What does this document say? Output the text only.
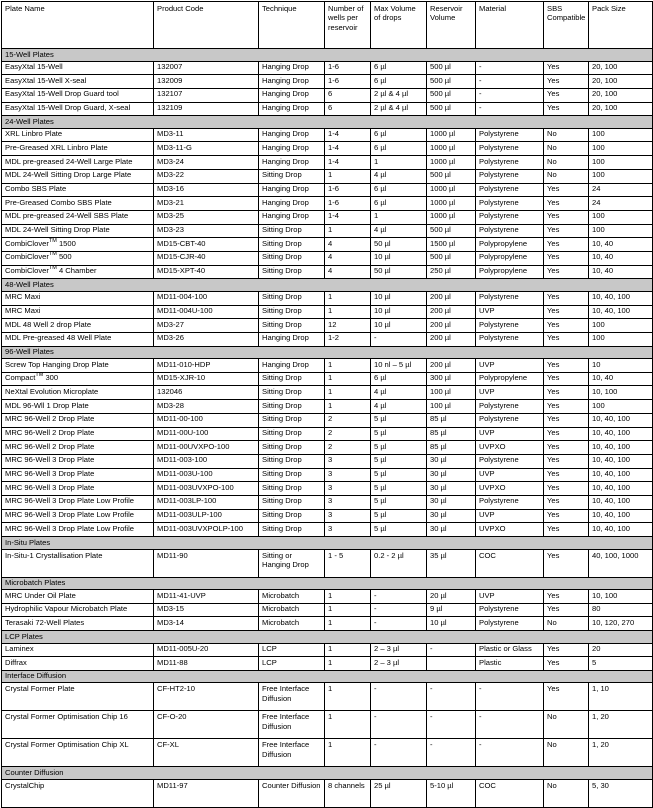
Plate Name	Product Code	Technique	Number of wells per reservoir	Max Volume of drops	Reservoir Volume	Material	SBS Compatible	Pack Size
15-Well Plates								
EasyXtal 15-Well	132007	Hanging Drop	1-6	6 µl	500 µl	-	Yes	20, 100
EasyXtal 15-Well X-seal	132009	Hanging Drop	1-6	6 µl	500 µl	-	Yes	20, 100
EasyXtal 15-Well Drop Guard tool	132107	Hanging Drop	6	2 µl & 4 µl	500 µl	-	Yes	20, 100
EasyXtal 15-Well Drop Guard, X-seal	132109	Hanging Drop	6	2 µl & 4 µl	500 µl	-	Yes	20, 100
24-Well Plates								
XRL Linbro Plate	MD3-11	Hanging Drop	1-4	6 µl	1000 µl	Polystyrene	No	100
Pre-Greased XRL Linbro Plate	MD3-11-G	Hanging Drop	1-4	6 µl	1000 µl	Polystyrene	No	100
MDL pre-greased 24-Well Large Plate	MD3-24	Hanging Drop	1-4	1	1000 µl	Polystyrene	No	100
MDL 24-Well Sitting Drop Large Plate	MD3-22	Sitting Drop	1	4 µl	500 µl	Polystyrene	No	100
Combo SBS Plate	MD3-16	Hanging Drop	1-6	6 µl	1000 µl	Polystyrene	Yes	24
Pre-Greased Combo SBS Plate	MD3-21	Hanging Drop	1-6	6 µl	1000 µl	Polystyrene	Yes	24
MDL pre-greased 24-Well SBS Plate	MD3-25	Hanging Drop	1-4	1	1000 µl	Polystyrene	Yes	100
MDL 24-Well Sitting Drop Plate	MD3-23	Sitting Drop	1	4 µl	500 µl	Polystyrene	Yes	100
CombiClover™ 1500	MD15-CBT-40	Sitting Drop	4	50 µl	1500 µl	Polypropylene	Yes	10, 40
CombiClover™ 500	MD15-CJR-40	Sitting Drop	4	10 µl	500 µl	Polypropylene	Yes	10, 40
CombiClover™ 4 Chamber	MD15-XPT-40	Sitting Drop	4	50 µl	250 µl	Polypropylene	Yes	10, 40
48-Well Plates								
MRC Maxi	MD11-004-100	Sitting Drop	1	10 µl	200 µl	Polystyrene	Yes	10, 40, 100
MRC Maxi	MD11-004U-100	Sitting Drop	1	10 µl	200 µl	UVP	Yes	10, 40, 100
MDL 48 Well 2 drop Plate	MD3-27	Sitting Drop	12	10 µl	200 µl	Polystyrene	Yes	100
MDL Pre-greased 48 Well Plate	MD3-26	Hanging Drop	1-2	-	200 µl	Polystyrene	Yes	100
96-Well Plates								
Screw Top Hanging Drop Plate	MD11-010-HDP	Hanging Drop	1	10 nl – 5 µl	200 µl	UVP	Yes	10
Compact™ 300	MD15-XJR-10	Sitting Drop	1	6 µl	300 µl	Polypropylene	Yes	10, 40
NeXtal Evolution Microplate	132046	Sitting Drop	1	4 µl	100 µl	UVP	Yes	10, 100
MDL 96-Wll 1 Drop Plate	MD3-28	Sitting Drop	1	4 µl	100 µl	Polystyrene	Yes	100
MRC 96-Well 2 Drop Plate	MD11-00-100	Sitting Drop	2	5 µl	85 µl	Polystyrene	Yes	10, 40, 100
MRC 96-Well 2 Drop Plate	MD11-00U-100	Sitting Drop	2	5 µl	85 µl	UVP	Yes	10, 40, 100
MRC 96-Well 2 Drop Plate	MD11-00UVXPO-100	Sitting Drop	2	5 µl	85 µl	UVPXO	Yes	10, 40, 100
MRC 96-Well 3 Drop Plate	MD11-003-100	Sitting Drop	3	5 µl	30 µl	Polystyrene	Yes	10, 40, 100
MRC 96-Well 3 Drop Plate	MD11-003U-100	Sitting Drop	3	5 µl	30 µl	UVP	Yes	10, 40, 100
MRC 96-Well 3 Drop Plate	MD11-003UVXPO-100	Sitting Drop	3	5 µl	30 µl	UVPXO	Yes	10, 40, 100
MRC 96-Well 3 Drop Plate Low Profile	MD11-003LP-100	Sitting Drop	3	5 µl	30 µl	Polystyrene	Yes	10, 40, 100
MRC 96-Well 3 Drop Plate Low Profile	MD11-003ULP-100	Sitting Drop	3	5 µl	30 µl	UVP	Yes	10, 40, 100
MRC 96-Well 3 Drop Plate Low Profile	MD11-003UVXPOLP-100	Sitting Drop	3	5 µl	30 µl	UVPXO	Yes	10, 40, 100
In-Situ Plates								
In-Situ-1 Crystallisation Plate	MD11-90	Sitting or Hanging Drop	1 - 5	0.2 - 2 µl	35 µl	COC	Yes	40, 100, 1000
Microbatch Plates								
MRC Under Oil Plate	MD11-41-UVP	Microbatch	1	-	20 µl	UVP	Yes	10, 100
Hydrophilic Vapour Microbatch Plate	MD3-15	Microbatch	1	-	9 µl	Polystyrene	Yes	80
Terasaki 72-Well Plates	MD3-14	Microbatch	1	-	10 µl	Polystyrene	No	10, 120, 270
LCP Plates								
Laminex	MD11-005U-20	LCP	1	2 – 3 µl	-	Plastic or Glass	Yes	20
Diffrax	MD11-88	LCP	1	2 – 3 µl		Plastic	Yes	5
Interface Diffusion								
Crystal Former Plate	CF-HT2-10	Free Interface Diffusion	1	-	-	-	Yes	1, 10
Crystal Former Optimisation Chip 16	CF-O-20	Free Interface Diffusion	1	-	-	-	No	1, 20
Crystal Former Optimisation Chip XL	CF-XL	Free Interface Diffusion	1	-	-	-	No	1, 20
Counter Diffusion								
CrystalChip	MD11-97	Counter Diffusion	8 channels	25 µl	5-10 µl	COC	No	5, 30
